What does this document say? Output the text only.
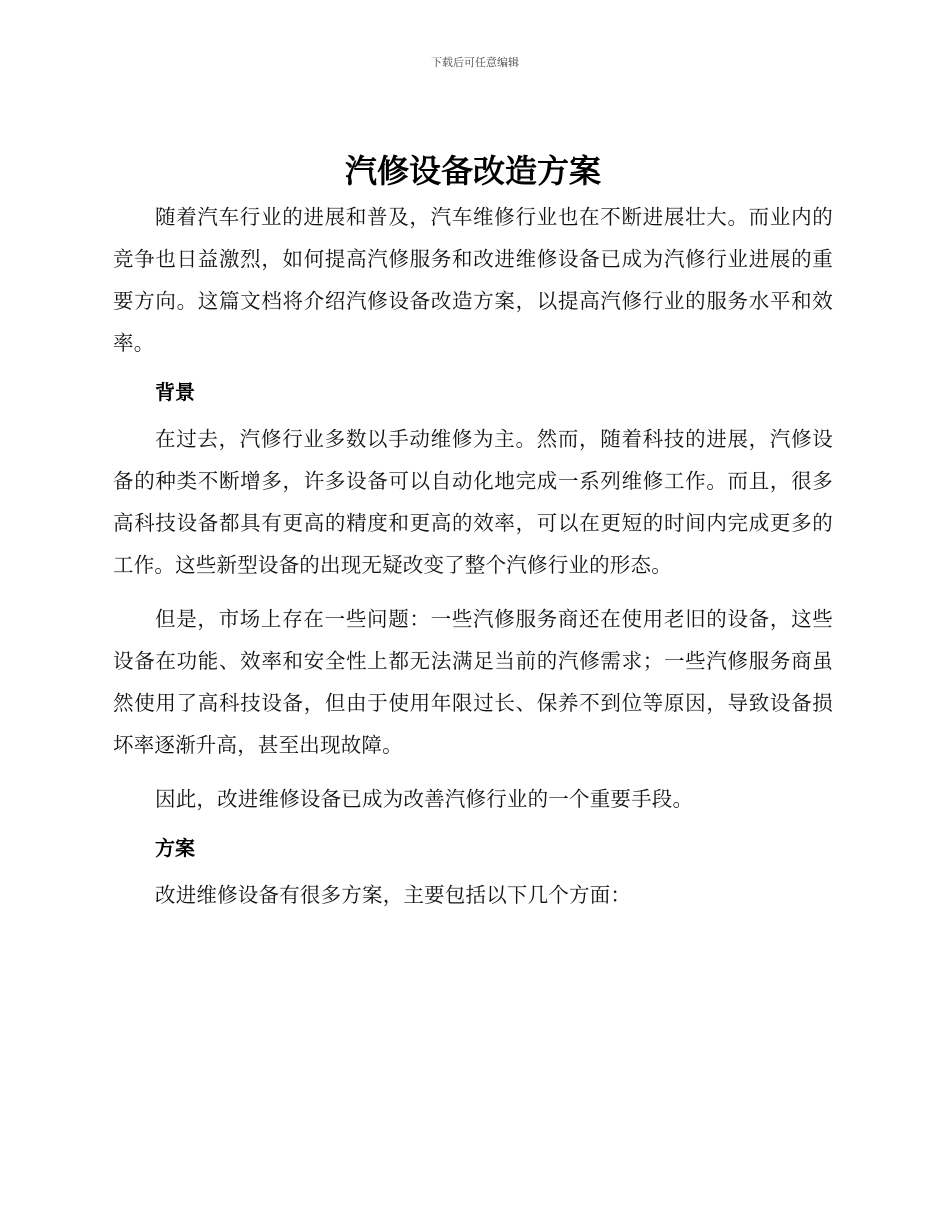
下载后可任意编辑
汽修设备改造方案

随着汽车行业的进展和普及，汽车维修行业也在不断进展壮大。而业内的竞争也日益激烈，如何提高汽修服务和改进维修设备已成为汽修行业进展的重要方向。这篇文档将介绍汽修设备改造方案，以提高汽修行业的服务水平和效率。

背景

在过去，汽修行业多数以手动维修为主。然而，随着科技的进展，汽修设备的种类不断增多，许多设备可以自动化地完成一系列维修工作。而且，很多高科技设备都具有更高的精度和更高的效率，可以在更短的时间内完成更多的工作。这些新型设备的出现无疑改变了整个汽修行业的形态。

但是，市场上存在一些问题：一些汽修服务商还在使用老旧的设备，这些设备在功能、效率和安全性上都无法满足当前的汽修需求；一些汽修服务商虽然使用了高科技设备，但由于使用年限过长、保养不到位等原因，导致设备损坏率逐渐升高，甚至出现故障。

因此，改进维修设备已成为改善汽修行业的一个重要手段。

方案

改进维修设备有很多方案，主要包括以下几个方面：
